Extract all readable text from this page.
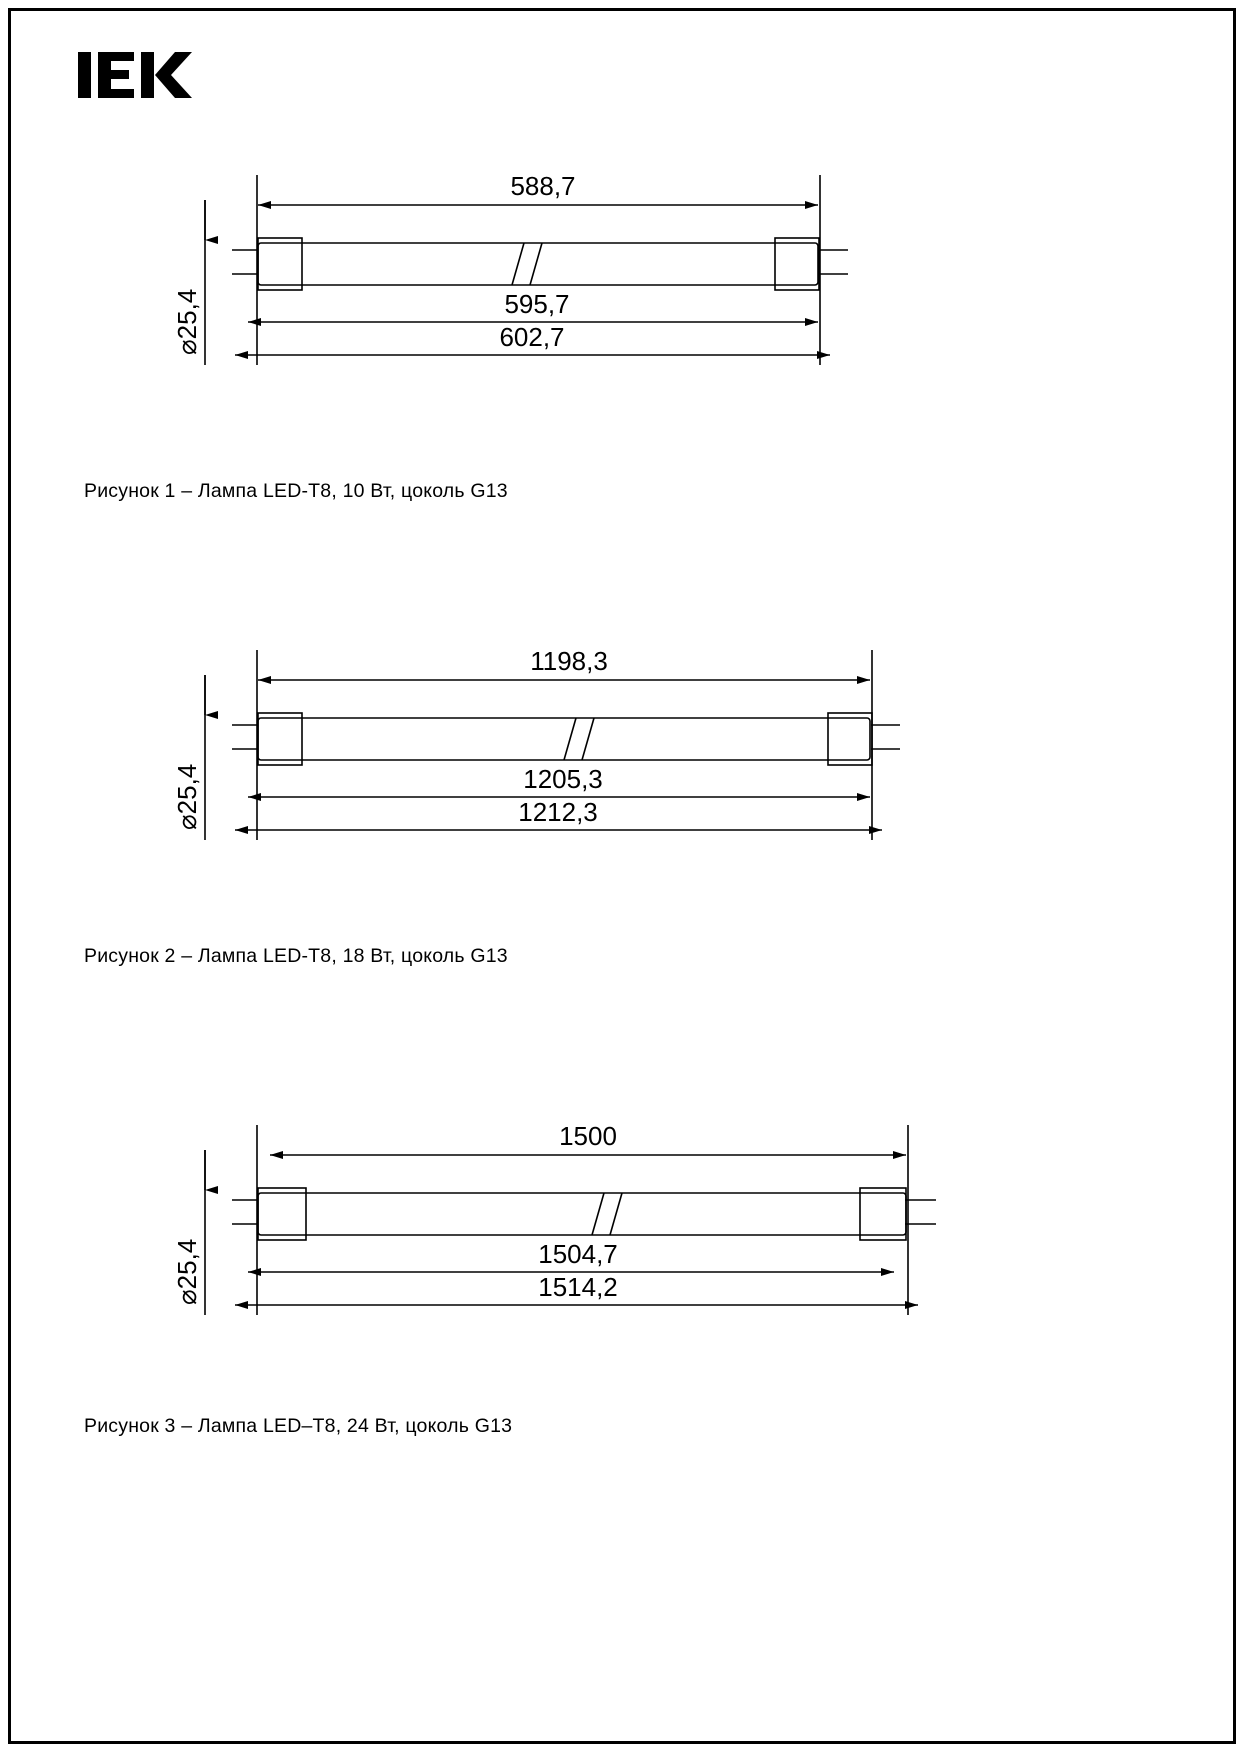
588,7
595,7
602,7
⌀25,4
Рисунок 1 – Лампа LED-T8, 10 Вт, цоколь G13
1198,3
1205,3
1212,3
⌀25,4
Рисунок 2 – Лампа LED-T8, 18 Вт, цоколь G13
1500
1504,7
1514,2
⌀25,4
Рисунок 3 – Лампа LED–T8, 24 Вт, цоколь G13
